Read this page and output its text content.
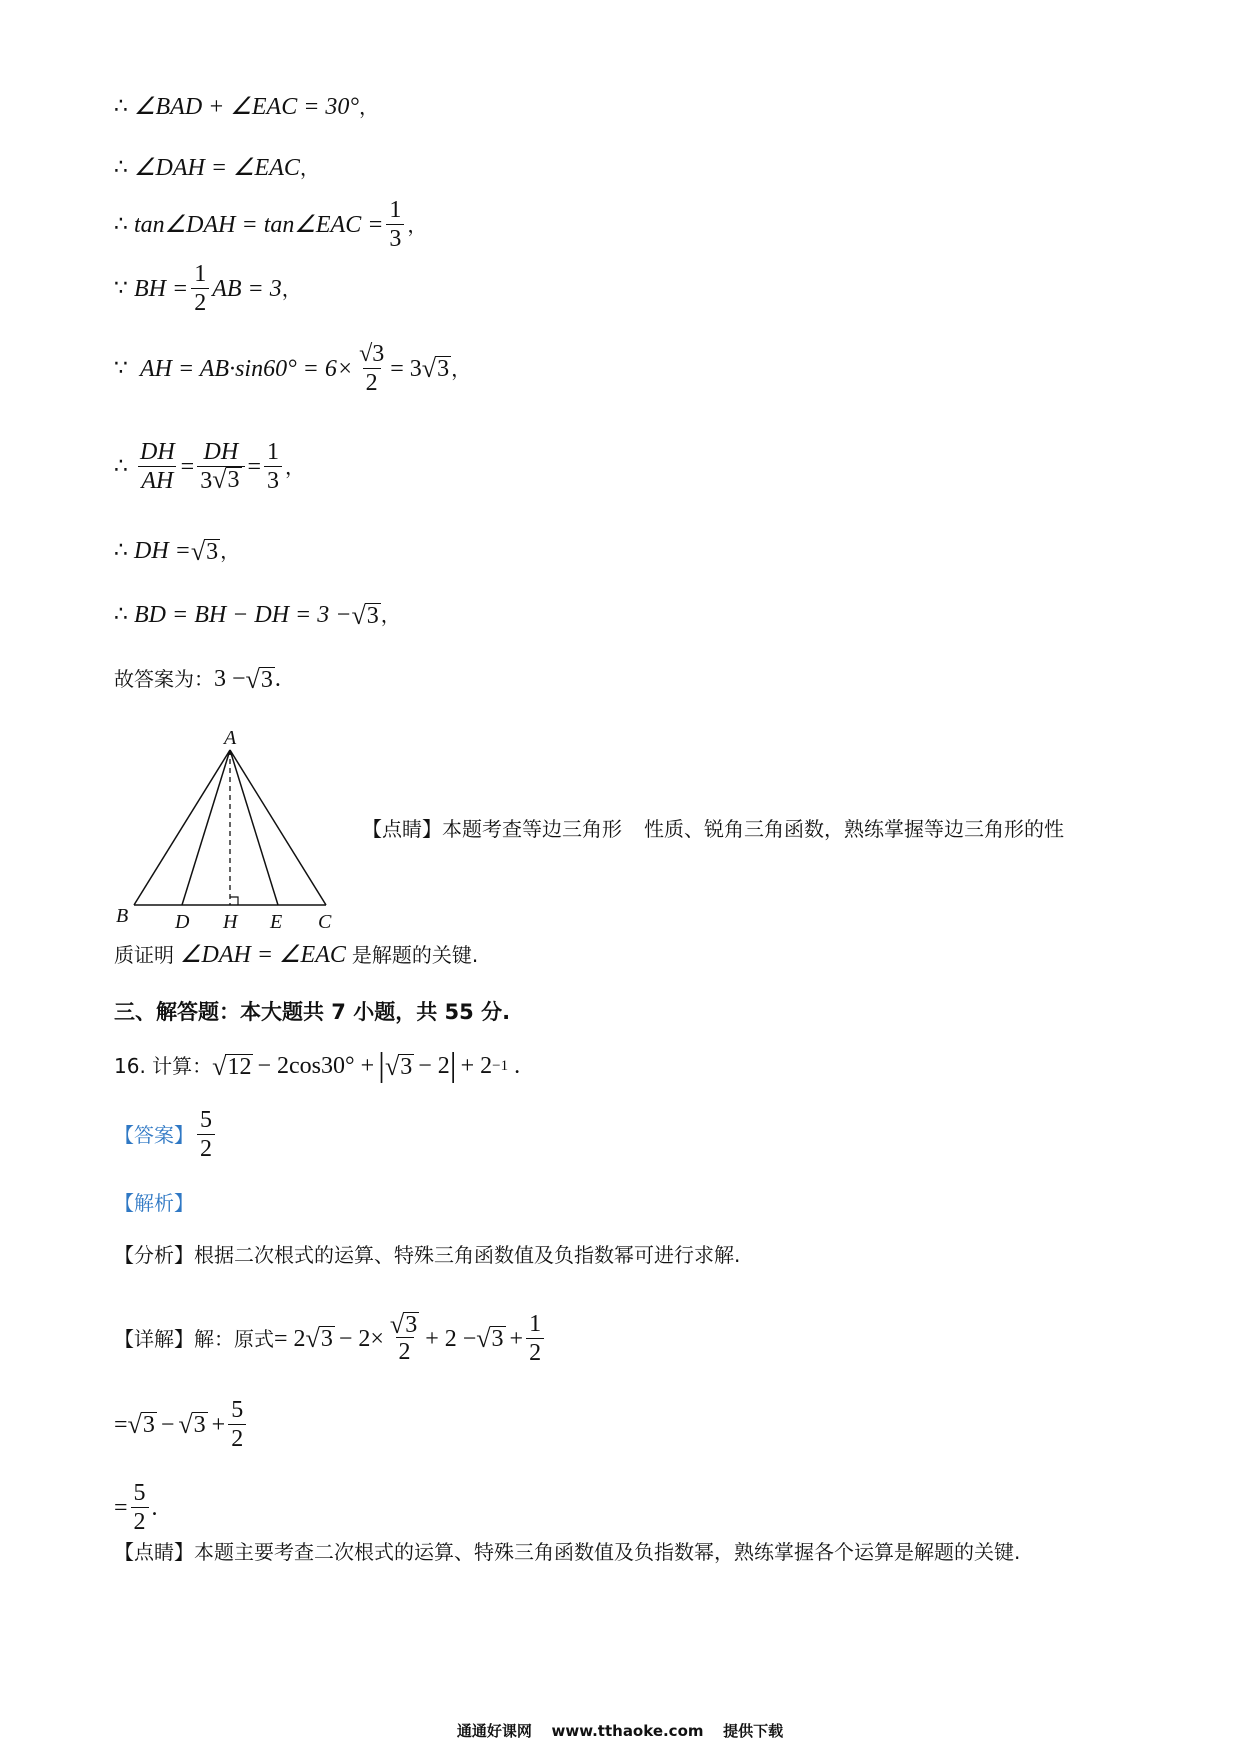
∴ ∠BAD + ∠EAC = 30° ，
∴ ∠DAH = ∠EAC ，
∴ tan∠DAH = tan∠EAC = $\frac{1}{3}$ ，
∵ BH = $\frac{1}{2}$ AB = 3 ，
∵ AH = $AB\cdot\sin 60^\circ = 6\times \frac{√3}{2} = 3$ √ 3 ，
∴ $\frac{DH}{AH} = \frac{DH}{3 √ 3} = \frac{1}{3}$ ，
∴ DH = √ 3 ，
∴ BD = BH − DH = 3 − √ 3 ，
故答案为： 3 − √ 3 .
A
B D H E C
【点睛】本题考查等边三角形 性质、锐角三角函数，熟练掌握等边三角形的性
质证明 ∠DAH = ∠EAC 是解题的关键.
三、解答题：本大题共 7 小题，共 55 分.
16. 计算： √ 12 − 2cos30° + | √ 3 − 2 | + 2 −1 .
【答案】 $\frac{5}{2}$
【解析】
【分析】根据二次根式的运算、特殊三角函数值及负指数幂可进行求解.
【详解】解：原式 = 2 √ $3 - 2\times \frac{√ 3}{2} + 2$ − √ $3 + \frac{1}{2}$
= √ 3 − √ $3 + \frac{5}{2}$
= $\frac{5}{2}$ .
【点睛】本题主要考查二次根式的运算、特殊三角函数值及负指数幂，熟练掌握各个运算是解题的关键.
通通好课网 www.tthaoke.com 提供下载
